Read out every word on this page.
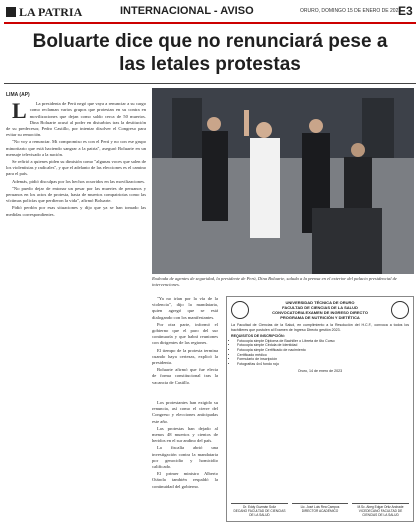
LA PATRIA	INTERNACIONAL - AVISO	ORURO, DOMINGO 15 DE ENERO DE 2023
E3
Boluarte dice que no renunciará pese a las letales protestas
LIMA (AP)

L La presidenta de Perú negó que vaya a renunciar a su cargo como reclaman varios grupos que protestan en su contra en movilizaciones que dejan como saldo cerca de 50 muertos. Dina Boluarte acusó al poder en disturbios tras la destitución de su predecesor, Pedro Castillo, por intentar disolver el Congreso para evitar su remoción.

"No voy a renunciar. Mi compromiso es con el Perú y no con ese grupo minoritario que está haciendo sangrar a la patria", aseguró Boluarte en un mensaje televisado a la nación.

Se refirió a quienes piden su dimisión como "algunas voces que salen de los violentistas y radicales", y que el adelanto de las elecciones es el camino para el país.

Además, pidió disculpas por los hechos ocurridos en las movilizaciones.

"No puedo dejar de entonar un pesar por las muertes de peruanos y peruanos en los actos de protesta, hasta de muertos compatriotas como las víctimas policías que perdieron la vida", afirmó Boluarte.

Pidió perdón por esas situaciones y dijo que ya se han tomado las medidas correspondientes.

Rodeada de agentes de seguridad, la presidente de Perú, Dina Boluarte, saluda a la prensa en el exterior del palacio presidencial de intervenciones.

"Ya no irían por la vía de la violencia", dijo la mandataria, quien agregó que se está dialogando con los manifestantes.

Por otra parte, informó el gobierno que el paro del sur continuaría y que habrá reuniones con dirigentes de las regiones.

El tiempo de la protesta termina cuando haya certezas, explicó la presidenta.

Boluarte afirmó que fue electa de forma constitucional tras la vacancia de Castillo.

Los protestantes han exigido su renuncia, así como el cierre del Congreso y elecciones anticipadas este año.

Las protestas han dejado al menos 48 muertos y cientos de heridos en el sur andino del país.

La fiscalía abrió una investigación contra la mandataria por genocidio y homicidio calificado.

El primer ministro Alberto Otárola también respaldó la continuidad del gobierno.

UNIVERSIDAD TÉCNICA DE ORURO
FACULTAD DE CIENCIAS DE LA SALUD
CONVOCATORIA EXAMEN DE INGRESO DIRECTO
PROGRAMA DE NUTRICIÓN Y DIETÉTICA
La Facultad de Ciencias de la Salud, en cumplimiento a la Resolución del H.C.F., convoca a todos los bachilleres que postulen al Examen de Ingreso Directo gestión 2023.
REQUISITOS DE INSCRIPCIÓN:
• Fotocopia simple Diploma de Bachiller o Libreta de 6to Curso
• Fotocopia simple Cédula de Identidad
• Fotocopia simple Certificado de nacimiento
• Certificado médico
• Formulario de inscripción
• Fotografías 4x4 fondo rojo
Oruro, 14 de enero de 2023
Dr. Eddy Guzmán Soliz
DECANO FACULTAD DE CIENCIAS DE LA SALUD
Lic. José Luis Rea Campos
DIRECTOR ACADÉMICO
M.Sc. Abeg Edgar Ortiz Andrade
VICEDECANO FACULTAD DE CIENCIAS DE LA SALUD
